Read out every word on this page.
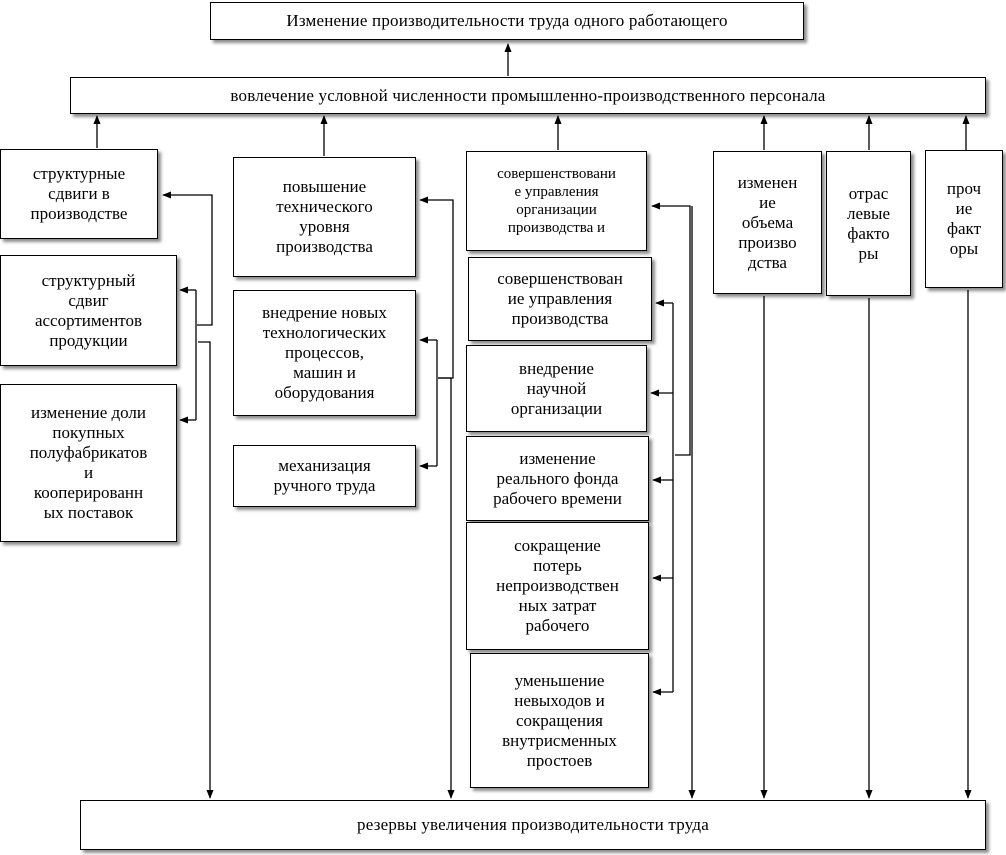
Изменение производительности труда одного работающего
вовлечение условной численности промышленно-производственного персонала
структурные
сдвиги в
производстве
структурный
сдвиг
ассортиментов
продукции
изменение доли
покупных
полуфабрикатов
и
кооперированн
ых поставок
повышение
технического
уровня
производства
внедрение новых
технологических
процессов,
машин и
оборудования
механизация
ручного труда
совершенствовани
е управления
организации
производства и
совершенствован
ие управления
производства
внедрение
научной
организации
изменение
реального фонда
рабочего времени
сокращение
потерь
непроизводствен
ных затрат
рабочего
уменьшение
невыходов и
сокращения
внутрисменных
простоев
изменен
ие
объема
произво
дства
отрас
левые
факто
ры
проч
ие
факт
оры
резервы увеличения производительности труда
